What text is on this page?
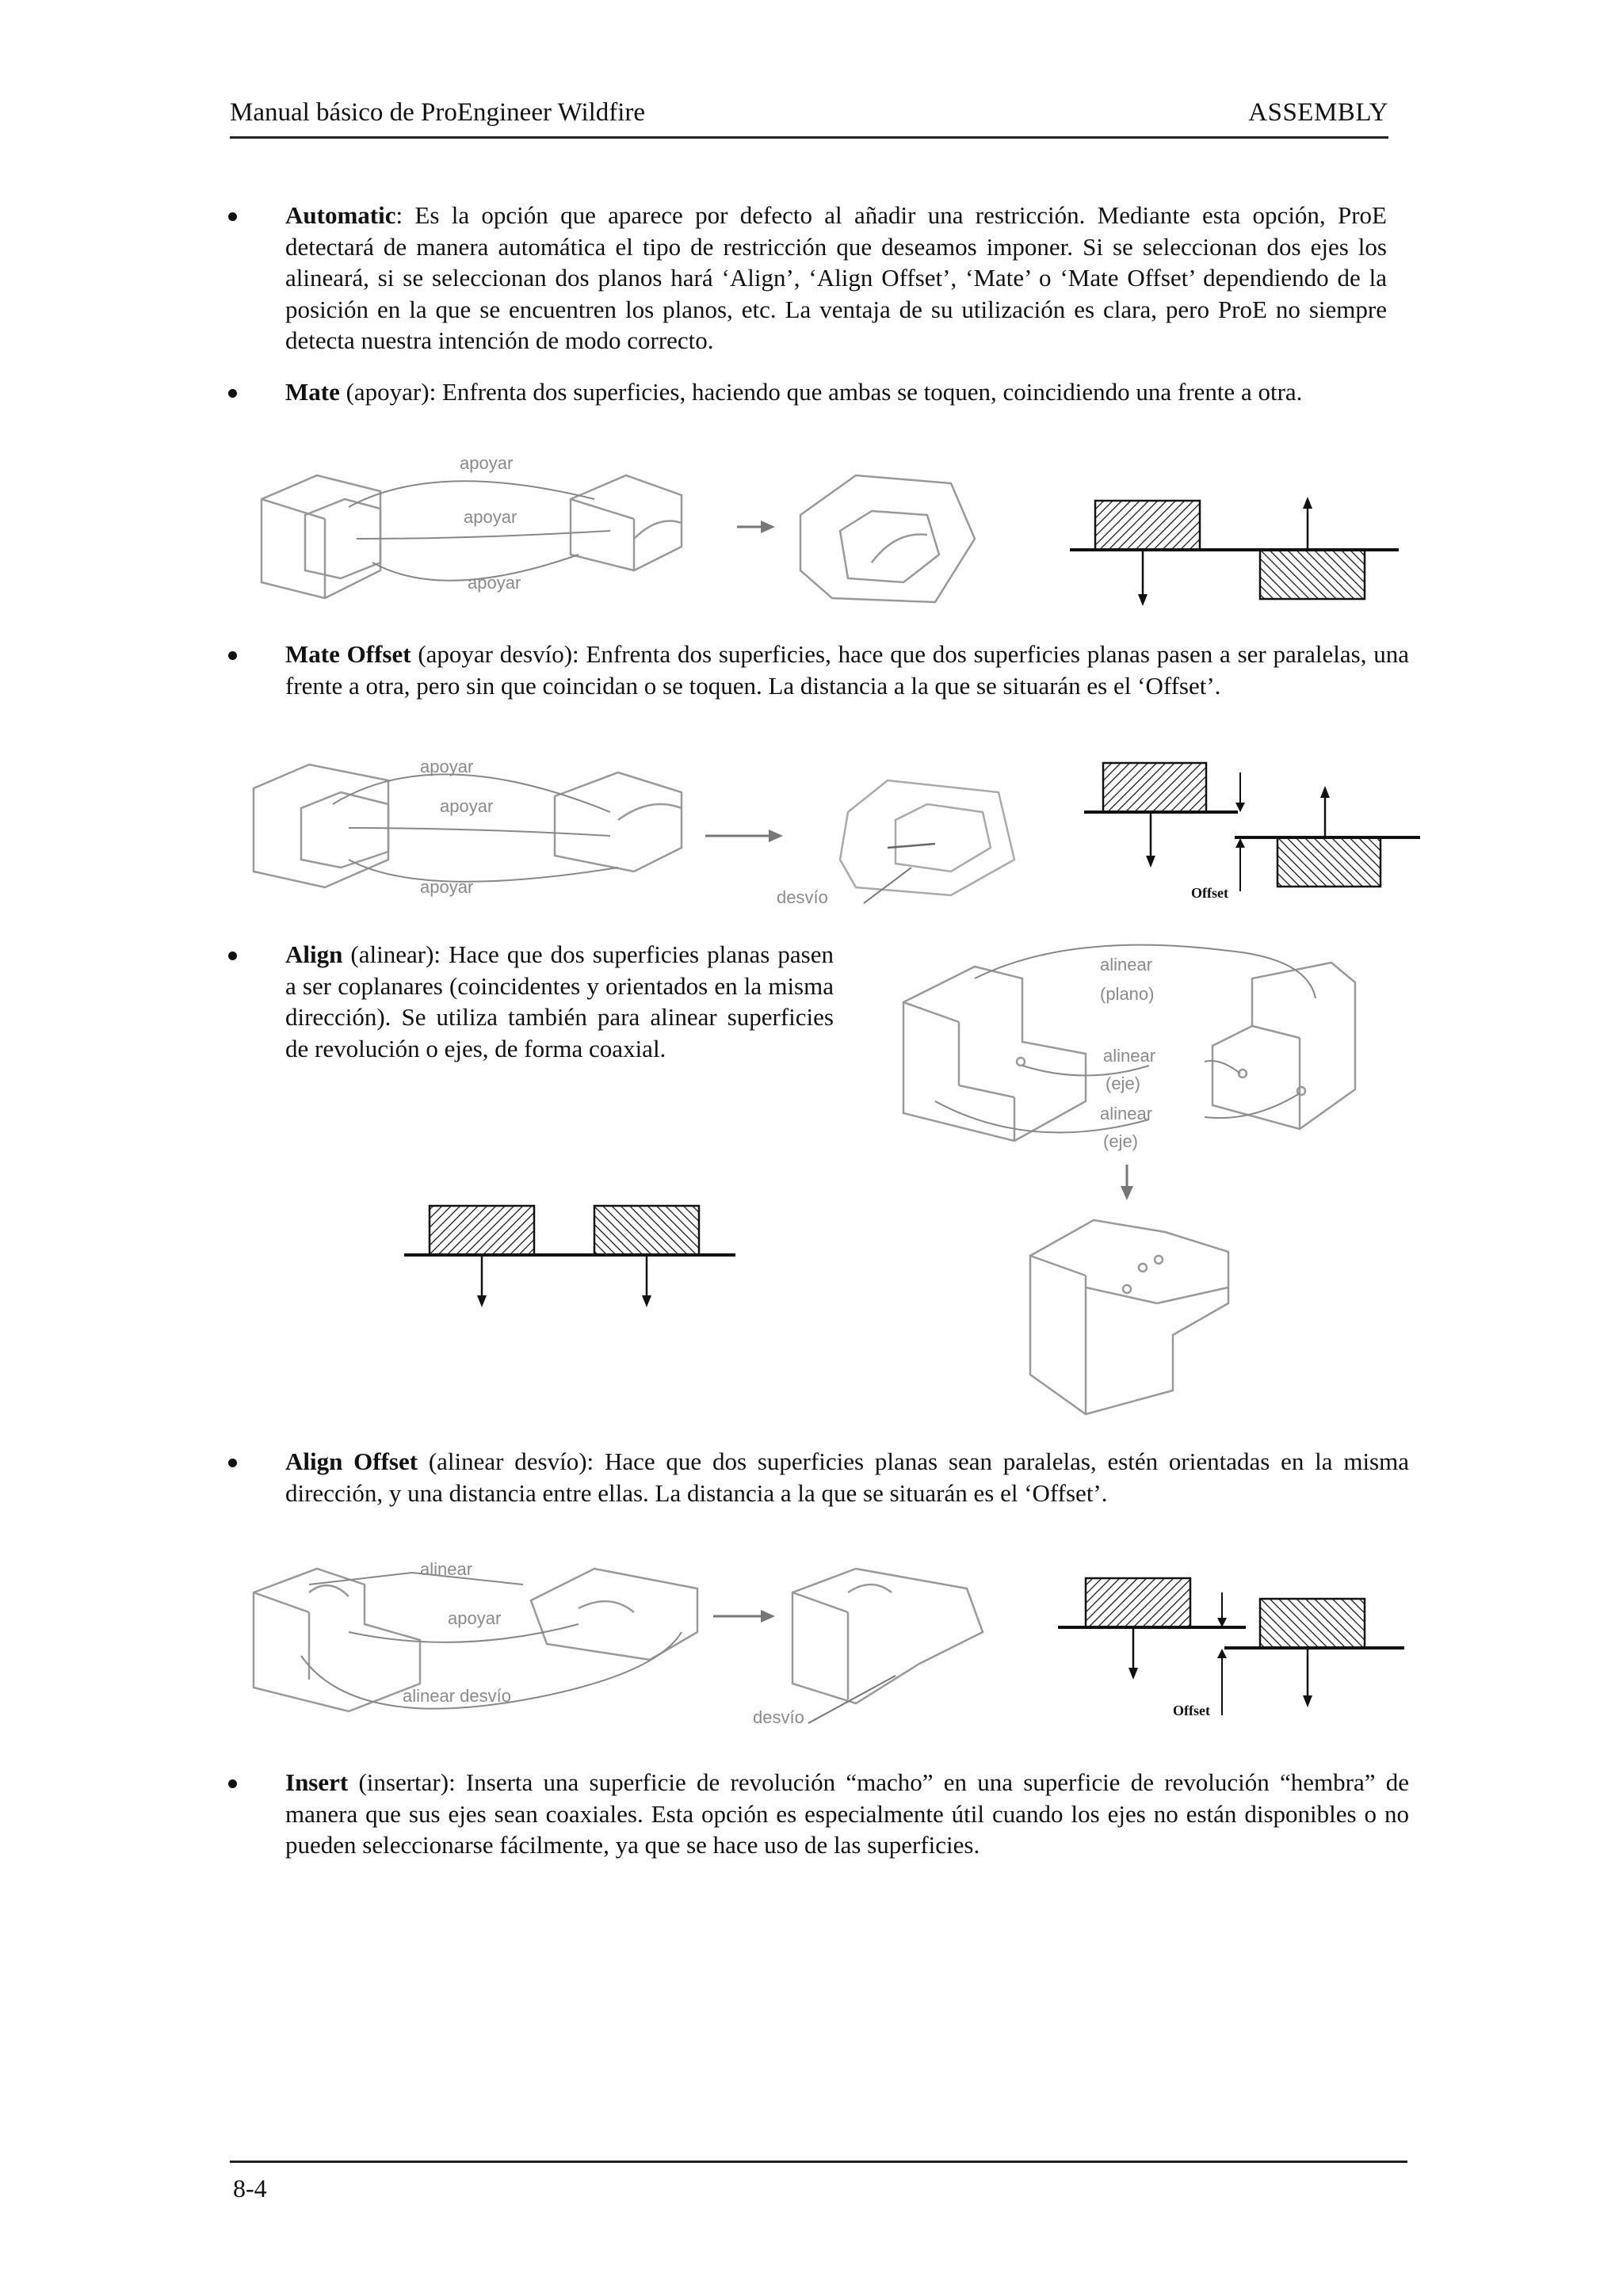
Manual básico de ProEngineer Wildfire	ASSEMBLY
Automatic: Es la opción que aparece por defecto al añadir una restricción. Mediante esta opción, ProE detectará de manera automática el tipo de restricción que deseamos imponer. Si se seleccionan dos ejes los alineará, si se seleccionan dos planos hará ‘Align’, ‘Align Offset’, ‘Mate’ o ‘Mate Offset’ dependiendo de la posición en la que se encuentren los planos, etc. La ventaja de su utilización es clara, pero ProE no siempre detecta nuestra intención de modo correcto.
Mate (apoyar): Enfrenta dos superficies, haciendo que ambas se toquen, coincidiendo una frente a otra.
apoyar
apoyar
apoyar
Mate Offset (apoyar desvío): Enfrenta dos superficies, hace que dos superficies planas pasen a ser paralelas, una frente a otra, pero sin que coincidan o se toquen. La distancia a la que se situarán es el ‘Offset’.
apoyar
apoyar
apoyar
desvío	Offset
Align (alinear): Hace que dos superficies planas pasen a ser coplanares (coincidentes y orientados en la misma dirección). Se utiliza también para alinear superficies de revolución o ejes, de forma coaxial.
alinear
(plano)
alinear
(eje)
alinear
(eje)
Align Offset (alinear desvío): Hace que dos superficies planas sean paralelas, estén orientadas en la misma dirección, y una distancia entre ellas. La distancia a la que se situarán es el ‘Offset’.
alinear
apoyar
alinear desvío
desvío	Offset
Insert (insertar): Inserta una superficie de revolución “macho” en una superficie de revolución “hembra” de manera que sus ejes sean coaxiales. Esta opción es especialmente útil cuando los ejes no están disponibles o no pueden seleccionarse fácilmente, ya que se hace uso de las superficies.
8-4
